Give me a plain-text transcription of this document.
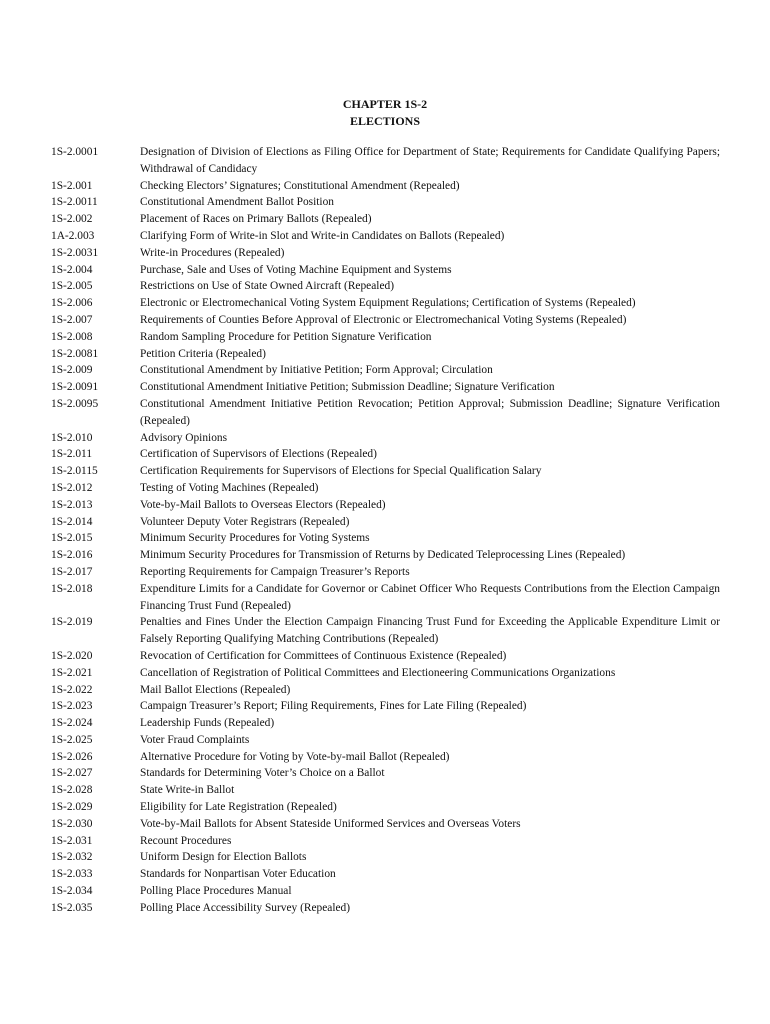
CHAPTER 1S-2
ELECTIONS
1S-2.0001	Designation of Division of Elections as Filing Office for Department of State; Requirements for Candidate Qualifying Papers; Withdrawal of Candidacy
1S-2.001	Checking Electors’ Signatures; Constitutional Amendment (Repealed)
1S-2.0011	Constitutional Amendment Ballot Position
1S-2.002	Placement of Races on Primary Ballots (Repealed)
1A-2.003	Clarifying Form of Write-in Slot and Write-in Candidates on Ballots (Repealed)
1S-2.0031	Write-in Procedures (Repealed)
1S-2.004	Purchase, Sale and Uses of Voting Machine Equipment and Systems
1S-2.005	Restrictions on Use of State Owned Aircraft (Repealed)
1S-2.006	Electronic or Electromechanical Voting System Equipment Regulations; Certification of Systems (Repealed)
1S-2.007	Requirements of Counties Before Approval of Electronic or Electromechanical Voting Systems (Repealed)
1S-2.008	Random Sampling Procedure for Petition Signature Verification
1S-2.0081	Petition Criteria (Repealed)
1S-2.009	Constitutional Amendment by Initiative Petition; Form Approval; Circulation
1S-2.0091	Constitutional Amendment Initiative Petition; Submission Deadline; Signature Verification
1S-2.0095	Constitutional Amendment Initiative Petition Revocation; Petition Approval; Submission Deadline; Signature Verification (Repealed)
1S-2.010	Advisory Opinions
1S-2.011	Certification of Supervisors of Elections (Repealed)
1S-2.0115	Certification Requirements for Supervisors of Elections for Special Qualification Salary
1S-2.012	Testing of Voting Machines (Repealed)
1S-2.013	Vote-by-Mail Ballots to Overseas Electors (Repealed)
1S-2.014	Volunteer Deputy Voter Registrars (Repealed)
1S-2.015	Minimum Security Procedures for Voting Systems
1S-2.016	Minimum Security Procedures for Transmission of Returns by Dedicated Teleprocessing Lines (Repealed)
1S-2.017	Reporting Requirements for Campaign Treasurer’s Reports
1S-2.018	Expenditure Limits for a Candidate for Governor or Cabinet Officer Who Requests Contributions from the Election Campaign Financing Trust Fund (Repealed)
1S-2.019	Penalties and Fines Under the Election Campaign Financing Trust Fund for Exceeding the Applicable Expenditure Limit or Falsely Reporting Qualifying Matching Contributions (Repealed)
1S-2.020	Revocation of Certification for Committees of Continuous Existence (Repealed)
1S-2.021	Cancellation of Registration of Political Committees and Electioneering Communications Organizations
1S-2.022	Mail Ballot Elections (Repealed)
1S-2.023	Campaign Treasurer’s Report; Filing Requirements, Fines for Late Filing (Repealed)
1S-2.024	Leadership Funds (Repealed)
1S-2.025	Voter Fraud Complaints
1S-2.026	Alternative Procedure for Voting by Vote-by-mail Ballot (Repealed)
1S-2.027	Standards for Determining Voter’s Choice on a Ballot
1S-2.028	State Write-in Ballot
1S-2.029	Eligibility for Late Registration (Repealed)
1S-2.030	Vote-by-Mail Ballots for Absent Stateside Uniformed Services and Overseas Voters
1S-2.031	Recount Procedures
1S-2.032	Uniform Design for Election Ballots
1S-2.033	Standards for Nonpartisan Voter Education
1S-2.034	Polling Place Procedures Manual
1S-2.035	Polling Place Accessibility Survey (Repealed)
